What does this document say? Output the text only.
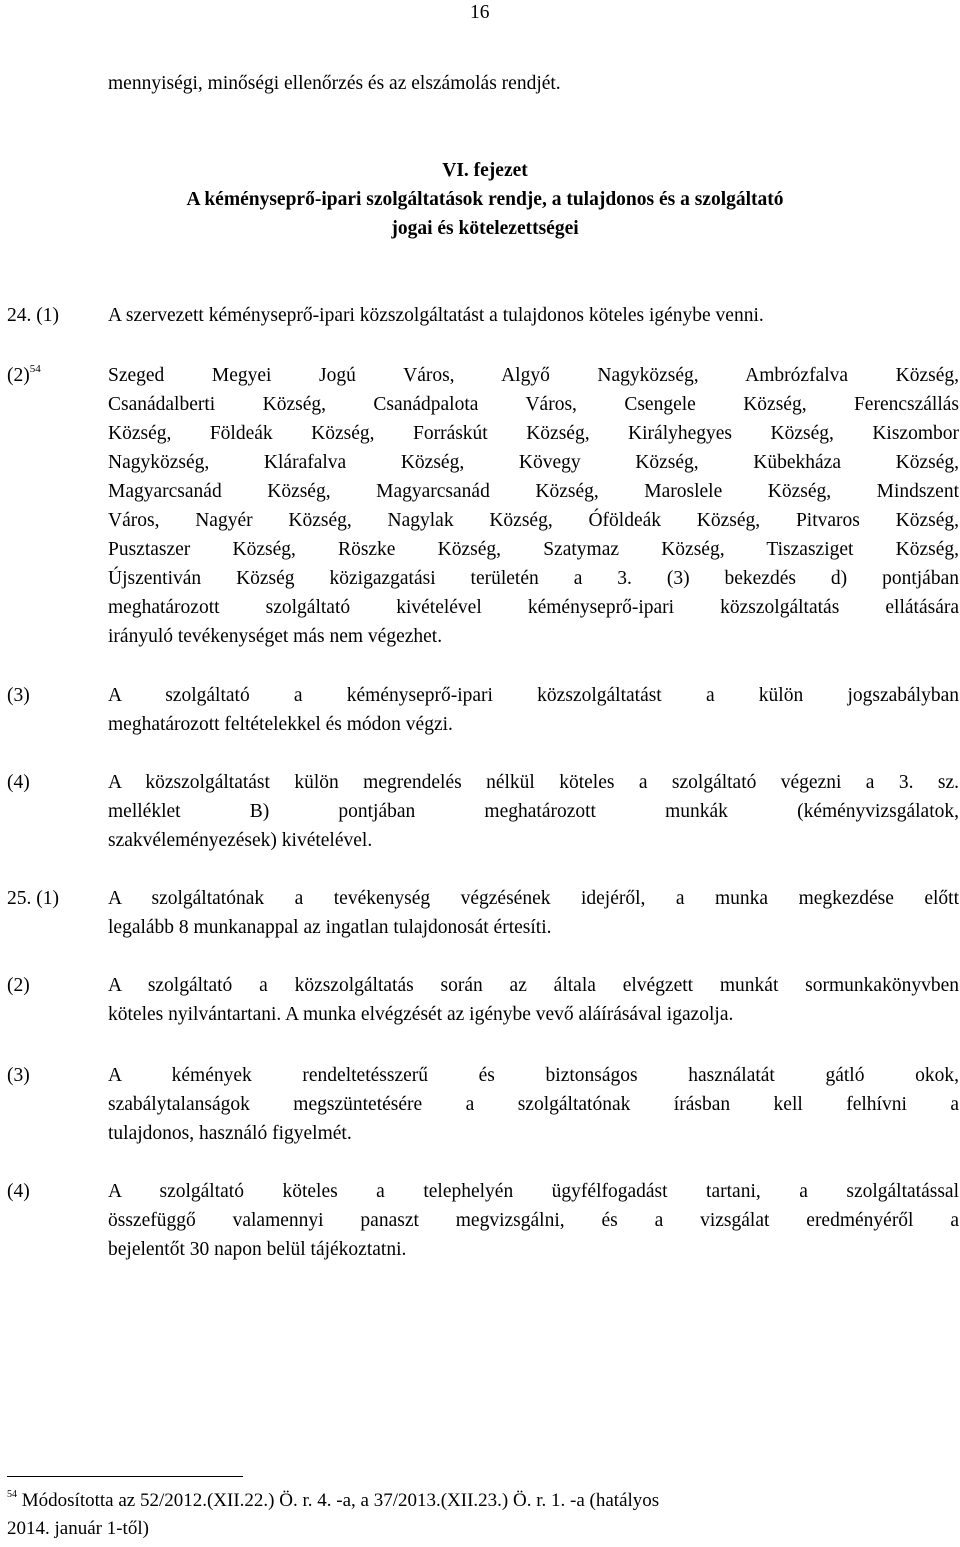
16
mennyiségi, minőségi ellenőrzés és az elszámolás rendjét.
VI. fejezet
A kéményseprő-ipari szolgáltatások rendje, a tulajdonos és a szolgáltató
jogai és kötelezettségei
24. (1)	A szervezett kéményseprő-ipari közszolgáltatást a tulajdonos köteles igénybe venni.
(2)$^{54}$	Szeged Megyei Jogú Város, Algyő Nagyközség, Ambrózfalva Község,
Csanádalberti Község, Csanádpalota Város, Csengele Község, Ferencszállás
Község, Földeák Község, Forráskút Község, Királyhegyes Község, Kiszombor
Nagyközség, Klárafalva Község, Kövegy Község, Kübekháza Község,
Magyarcsanád Község, Magyarcsanád Község, Maroslele Község, Mindszent
Város, Nagyér Község, Nagylak Község, Óföldeák Község, Pitvaros Község,
Pusztaszer Község, Röszke Község, Szatymaz Község, Tiszasziget Község,
Újszentiván Község közigazgatási területén a 3. (3) bekezdés d) pontjában
meghatározott szolgáltató kivételével kéményseprő-ipari közszolgáltatás ellátására
irányuló tevékenységet más nem végezhet.
(3)	A szolgáltató a kéményseprő-ipari közszolgáltatást a külön jogszabályban
meghatározott feltételekkel és módon végzi.
(4)	A közszolgáltatást külön megrendelés nélkül köteles a szolgáltató végezni a 3. sz.
melléklet B) pontjában meghatározott munkák (kéményvizsgálatok,
szakvéleményezések) kivételével.
25. (1)	A szolgáltatónak a tevékenység végzésének idejéről, a munka megkezdése előtt
legalább 8 munkanappal az ingatlan tulajdonosát értesíti.
(2)	A szolgáltató a közszolgáltatás során az általa elvégzett munkát sormunkakönyvben
köteles nyilvántartani. A munka elvégzését az igénybe vevő aláírásával igazolja.
(3)	A kémények rendeltetésszerű és biztonságos használatát gátló okok,
szabálytalanságok megszüntetésére a szolgáltatónak írásban kell felhívni a
tulajdonos, használó figyelmét.
(4)	A szolgáltató köteles a telephelyén ügyfélfogadást tartani, a szolgáltatással
összefüggő valamennyi panaszt megvizsgálni, és a vizsgálat eredményéről a
bejelentőt 30 napon belül tájékoztatni.
$^{54}$ Módosította az 52/2012.(XII.22.) Ö. r. 4. -a, a 37/2013.(XII.23.) Ö. r. 1. -a (hatályos
2014. január 1-től)
